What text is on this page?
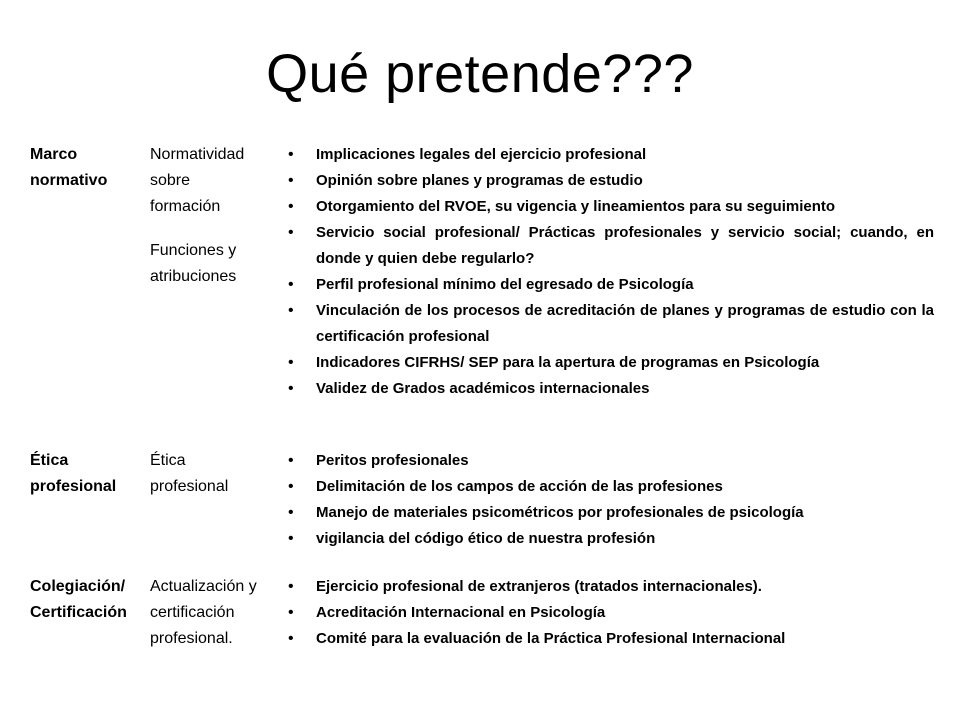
Qué pretende???
Marco
normativo
Normatividad
sobre
formación
Funciones y
atribuciones
• Implicaciones legales del ejercicio profesional
• Opinión sobre planes y programas de estudio
• Otorgamiento del RVOE, su vigencia y lineamientos para su seguimiento
• Servicio social profesional/ Prácticas profesionales y servicio social; cuando, en donde y quien debe regularlo?
• Perfil profesional mínimo del egresado de Psicología
• Vinculación de los procesos de acreditación de planes y programas de estudio con la certificación profesional
• Indicadores CIFRHS/ SEP para la apertura de programas en Psicología
• Validez de Grados académicos internacionales
Ética
profesional
Ética
profesional
• Peritos profesionales
• Delimitación de los campos de acción de las profesiones
• Manejo de materiales psicométricos por profesionales de psicología
• vigilancia del código ético de nuestra profesión
Colegiación/
Certificación
Actualización y
certificación
profesional.
• Ejercicio profesional de extranjeros (tratados internacionales).
• Acreditación Internacional en Psicología
• Comité para la evaluación de la Práctica Profesional Internacional
